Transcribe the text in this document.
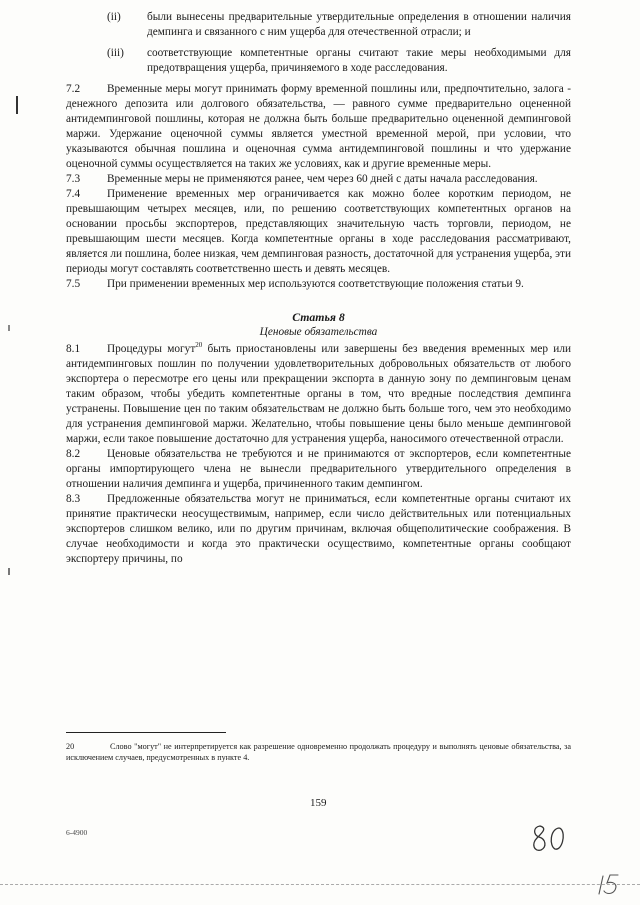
(ii)	были вынесены предварительные утвердительные определения в отношении наличия демпинга и связанного с ним ущерба для отечественной отрасли; и
(iii)	соответствующие компетентные органы считают такие меры необходимыми для предотвращения ущерба, причиняемого в ходе расследования.

7.2 Временные меры могут принимать форму временной пошлины или, предпочтительно, залога - денежного депозита или долгового обязательства, — равного сумме предварительно оцененной антидемпинговой пошлины, которая не должна быть больше предварительно оцененной демпинговой маржи. Удержание оценочной суммы является уместной временной мерой, при условии, что указываются обычная пошлина и оценочная сумма антидемпинговой пошлины и что удержание оценочной суммы осуществляется на таких же условиях, как и другие временные меры.

7.3 Временные меры не применяются ранее, чем через 60 дней с даты начала расследования.

7.4 Применение временных мер ограничивается как можно более коротким периодом, не превышающим четырех месяцев, или, по решению соответствующих компетентных органов на основании просьбы экспортеров, представляющих значительную часть торговли, периодом, не превышающим шести месяцев. Когда компетентные органы в ходе расследования рассматривают, является ли пошлина, более низкая, чем демпинговая разность, достаточной для устранения ущерба, эти периоды могут составлять соответственно шесть и девять месяцев.

7.5 При применении временных мер используются соответствующие положения статьи 9.

Статья 8
Ценовые обязательства

8.1 Процедуры могут$^{20}$ быть приостановлены или завершены без введения временных мер или антидемпинговых пошлин по получении удовлетворительных добровольных обязательств от любого экспортера о пересмотре его цены или прекращении экспорта в данную зону по демпинговым ценам таким образом, чтобы убедить компетентные органы в том, что вредные последствия демпинга устранены. Повышение цен по таким обязательствам не должно быть больше того, чем это необходимо для устранения демпинговой маржи. Желательно, чтобы повышение цены было меньше демпинговой маржи, если такое повышение достаточно для устранения ущерба, наносимого отечественной отрасли.

8.2 Ценовые обязательства не требуются и не принимаются от экспортеров, если компетентные органы импортирующего члена не вынесли предварительного утвердительного определения в отношении наличия демпинга и ущерба, причиненного таким демпингом.

8.3 Предложенные обязательства могут не приниматься, если компетентные органы считают их принятие практически неосуществимым, например, если число действительных или потенциальных экспортеров слишком велико, или по другим причинам, включая общеполитические соображения. В случае необходимости и когда это практически осуществимо, компетентные органы сообщают экспортеру причины, по

20	Слово "могут" не интерпретируется как разрешение одновременно продолжать процедуру и выполнять ценовые обязательства, за исключением случаев, предусмотренных в пункте 4.
159
6-4900
